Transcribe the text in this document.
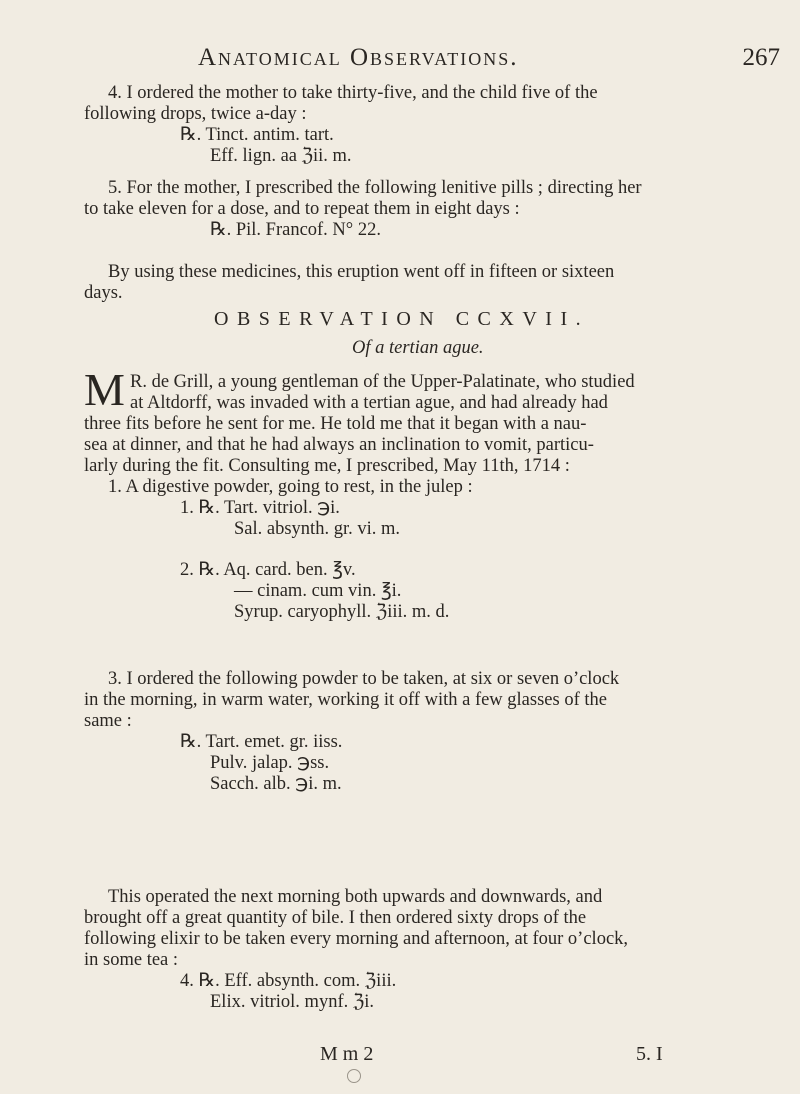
Anatomical Observations.	267
4. I ordered the mother to take thirty-five, and the child five of the
following drops, twice a-day :
℞. Tinct. antim. tart.
Eff. lign. aa ℨii. m.
5. For the mother, I prescribed the following lenitive pills ; directing her
to take eleven for a dose, and to repeat them in eight days :
℞. Pil. Francof. N° 22.
By using these medicines, this eruption went off in fifteen or sixteen
days.
OBSERVATION CCXVII.
Of a tertian ague.
M R. de Grill, a young gentleman of the Upper-Palatinate, who studied
at Altdorff, was invaded with a tertian ague, and had already had
three fits before he sent for me. He told me that it began with a nau-
sea at dinner, and that he had always an inclination to vomit, particu-
larly during the fit. Consulting me, I prescribed, May 11th, 1714 :
1. A digestive powder, going to rest, in the julep :
1. ℞. Tart. vitriol. ℈i.
Sal. absynth. gr. vi. m.
2. ℞. Aq. card. ben. ℥v.
— cinam. cum vin. ℥i.
Syrup. caryophyll. ℨiii. m. d.
3. I ordered the following powder to be taken, at six or seven o’clock
in the morning, in warm water, working it off with a few glasses of the
same :
℞. Tart. emet. gr. iiss.
Pulv. jalap. ℈ss.
Sacch. alb. ℈i. m.
This operated the next morning both upwards and downwards, and
brought off a great quantity of bile. I then ordered sixty drops of the
following elixir to be taken every morning and afternoon, at four o’clock,
in some tea :
4. ℞. Eff. absynth. com. ℨiii.
Elix. vitriol. mynf. ℨi.
M m 2	5. I
